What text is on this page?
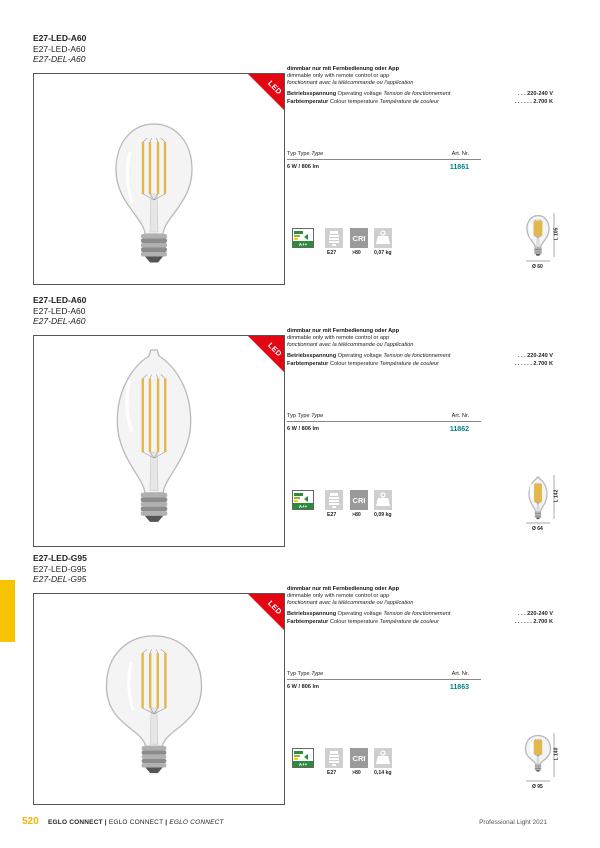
E27-LED-A60
E27-LED-A60
E27-DEL-A60
LED
dimmbar nur mit Fernbedienung oder App
dimmable only with remote control or app
fonctionnant avec la télécommande ou l'application
Betriebsspannung Operating voltage Tension de fonctionnement	. . . 220-240 V
Farbtemperatur Colour temperature Température de couleur	. . . . . . 2.700 K
Typ Type Type	Art. Nr.
6 W / 806 lm	11861
A++
E27
CRI
>80	0,07 kg
L 105
Ø 60
E27-LED-A60
E27-LED-A60
E27-DEL-A60
LED
dimmbar nur mit Fernbedienung oder App
dimmable only with remote control or app
fonctionnant avec la télécommande ou l'application
Betriebsspannung Operating voltage Tension de fonctionnement	. . . 220-240 V
Farbtemperatur Colour temperature Température de couleur	. . . . . . 2.700 K
Typ Type Type	Art. Nr.
6 W / 806 lm	11862
A++
E27
CRI
>80	0,09 kg
L 142
Ø 64
E27-LED-G95
E27-LED-G95
E27-DEL-G95
LED
dimmbar nur mit Fernbedienung oder App
dimmable only with remote control or app
fonctionnant avec la télécommande ou l'application
Betriebsspannung Operating voltage Tension de fonctionnement	. . . 220-240 V
Farbtemperatur Colour temperature Température de couleur	. . . . . . 2.700 K
Typ Type Type	Art. Nr.
6 W / 806 lm	11863
A++
E27
CRI
>80	0,14 kg
L 140
Ø 95
520 EGLO CONNECT | EGLO CONNECT | EGLO CONNECT	Professional Light 2021
